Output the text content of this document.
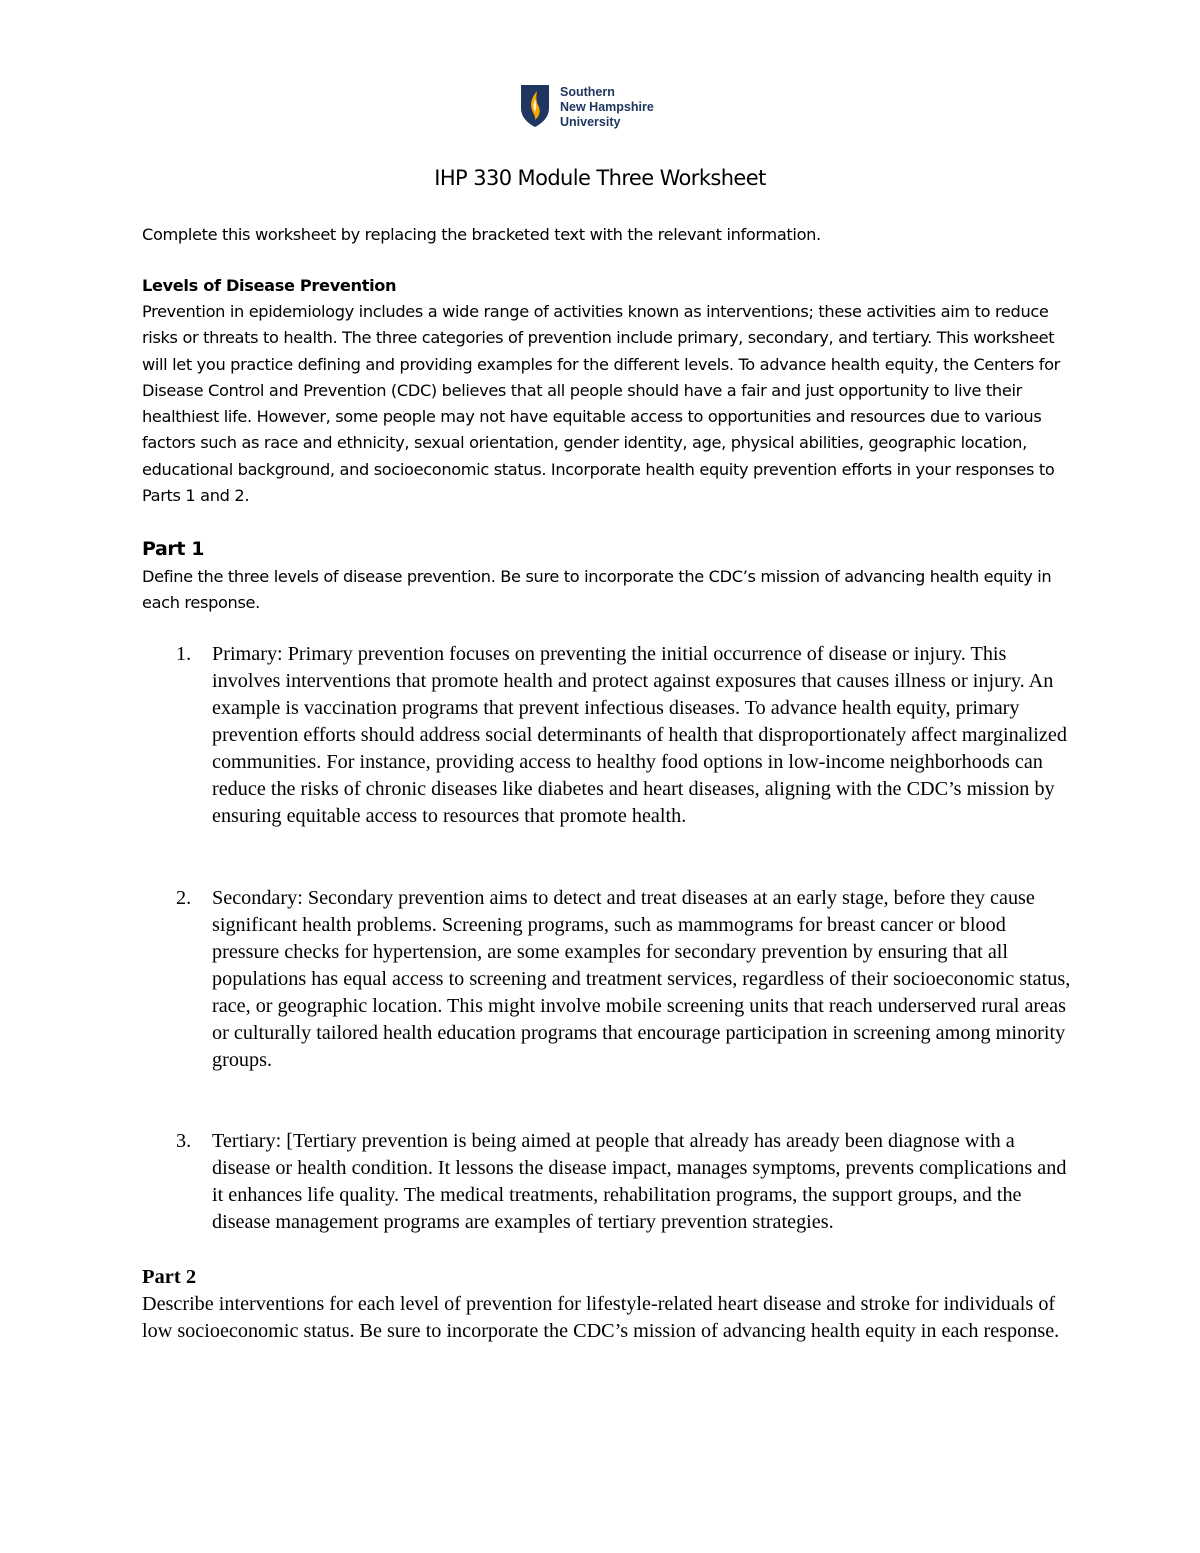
Southern
New Hampshire
University
IHP 330 Module Three Worksheet
Complete this worksheet by replacing the bracketed text with the relevant information.
Levels of Disease Prevention
Prevention in epidemiology includes a wide range of activities known as interventions; these activities aim to reduce risks or threats to health. The three categories of prevention include primary, secondary, and tertiary. This worksheet will let you practice defining and providing examples for the different levels. To advance health equity, the Centers for Disease Control and Prevention (CDC) believes that all people should have a fair and just opportunity to live their healthiest life. However, some people may not have equitable access to opportunities and resources due to various factors such as race and ethnicity, sexual orientation, gender identity, age, physical abilities, geographic location, educational background, and socioeconomic status. Incorporate health equity prevention efforts in your responses to Parts 1 and 2.
Part 1
Define the three levels of disease prevention. Be sure to incorporate the CDC’s mission of advancing health equity in each response.
1. Primary: Primary prevention focuses on preventing the initial occurrence of disease or injury. This involves interventions that promote health and protect against exposures that causes illness or injury. An example is vaccination programs that prevent infectious diseases. To advance health equity, primary prevention efforts should address social determinants of health that disproportionately affect marginalized communities. For instance, providing access to healthy food options in low-income neighborhoods can reduce the risks of chronic diseases like diabetes and heart diseases, aligning with the CDC’s mission by ensuring equitable access to resources that promote health.
2. Secondary: Secondary prevention aims to detect and treat diseases at an early stage, before they cause significant health problems. Screening programs, such as mammograms for breast cancer or blood pressure checks for hypertension, are some examples for secondary prevention by ensuring that all populations has equal access to screening and treatment services, regardless of their socioeconomic status, race, or geographic location. This might involve mobile screening units that reach underserved rural areas or culturally tailored health education programs that encourage participation in screening among minority groups.
3. Tertiary: [Tertiary prevention is being aimed at people that already has aready been diagnose with a disease or health condition. It lessons the disease impact, manages symptoms, prevents complications and it enhances life quality. The medical treatments, rehabilitation programs, the support groups, and the disease management programs are examples of tertiary prevention strategies.
Part 2
Describe interventions for each level of prevention for lifestyle-related heart disease and stroke for individuals of low socioeconomic status. Be sure to incorporate the CDC’s mission of advancing health equity in each response.
